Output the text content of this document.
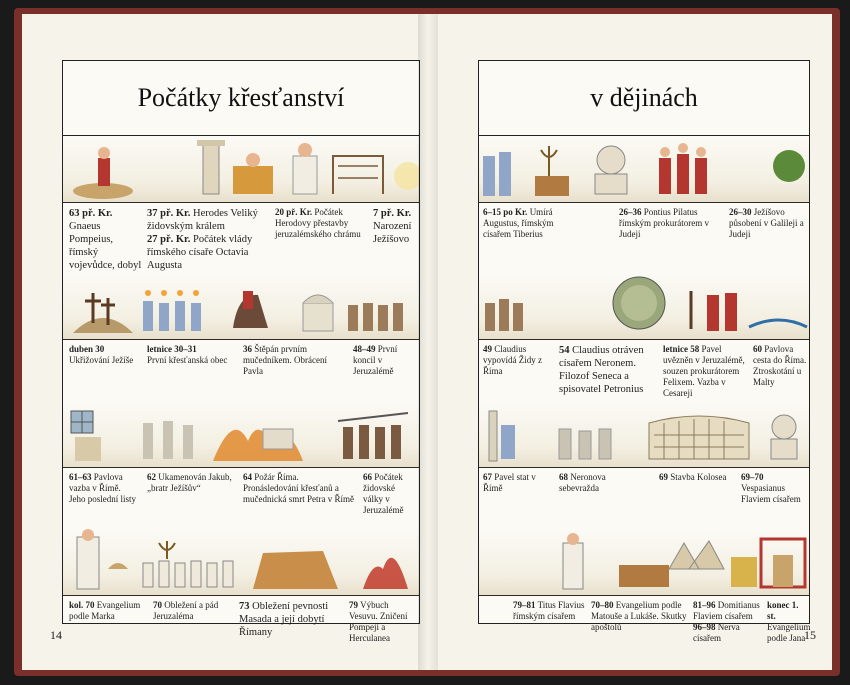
Počátky křesťanství
63 př. Kr. Gnaeus Pompeius, římský vojevůdce, dobyl
37 př. Kr. Herodes Veliký židovským králem
27 př. Kr. Počátek vlády římského císaře Octavia Augusta
20 př. Kr. Počátek Herodovy přestavby jeruzalémského chrámu
7 př. Kr. Narození Ježíšovo
duben 30
Ukřižování Ježíše
letnice 30–31
První křesťanská obec
36 Štěpán prvním mučedníkem. Obrácení Pavla
48–49 První koncil v Jeruzalémě
61–63 Pavlova vazba v Římě. Jeho poslední listy
62 Ukamenován Jakub, „bratr Ježíšův“
64 Požár Říma. Pronásledování křesťanů a mučednická smrt Petra v Římě
66 Počátek židovské války v Jeruzalémě
kol. 70 Evangelium podle Marka
70 Obležení a pád Jeruzaléma
73 Obležení pevnosti Masada a její dobytí Římany
79 Výbuch Vesuvu. Zničení Pompejí a Herculanea
14
v dějinách
6–15 po Kr. Umírá Augustus, římským císařem Tiberius
26–36 Pontius Pilatus římským prokurátorem v Judeji
26–30 Ježíšovo působení v Galileji a Judeji
49 Claudius vypovídá Židy z Říma
54 Claudius otráven císařem Neronem. Filozof Seneca a spisovatel Petronius
letnice 58 Pavel uvězněn v Jeruzalémě, souzen prokurátorem Felixem. Vazba v Cesareji
60 Pavlova cesta do Říma. Ztroskotání u Malty
67 Pavel stat v Římě
68 Neronova sebevražda
69 Stavba Kolosea	69–70 Vespasianus Flaviem císařem
79–81 Titus Flavius římským císařem
70–80 Evangelium podle Matouše a Lukáše. Skutky apoštolů
81–96 Domitianus Flaviem císařem
96–98 Nerva císařem
konec 1. st. Evangelium podle Jana
15
